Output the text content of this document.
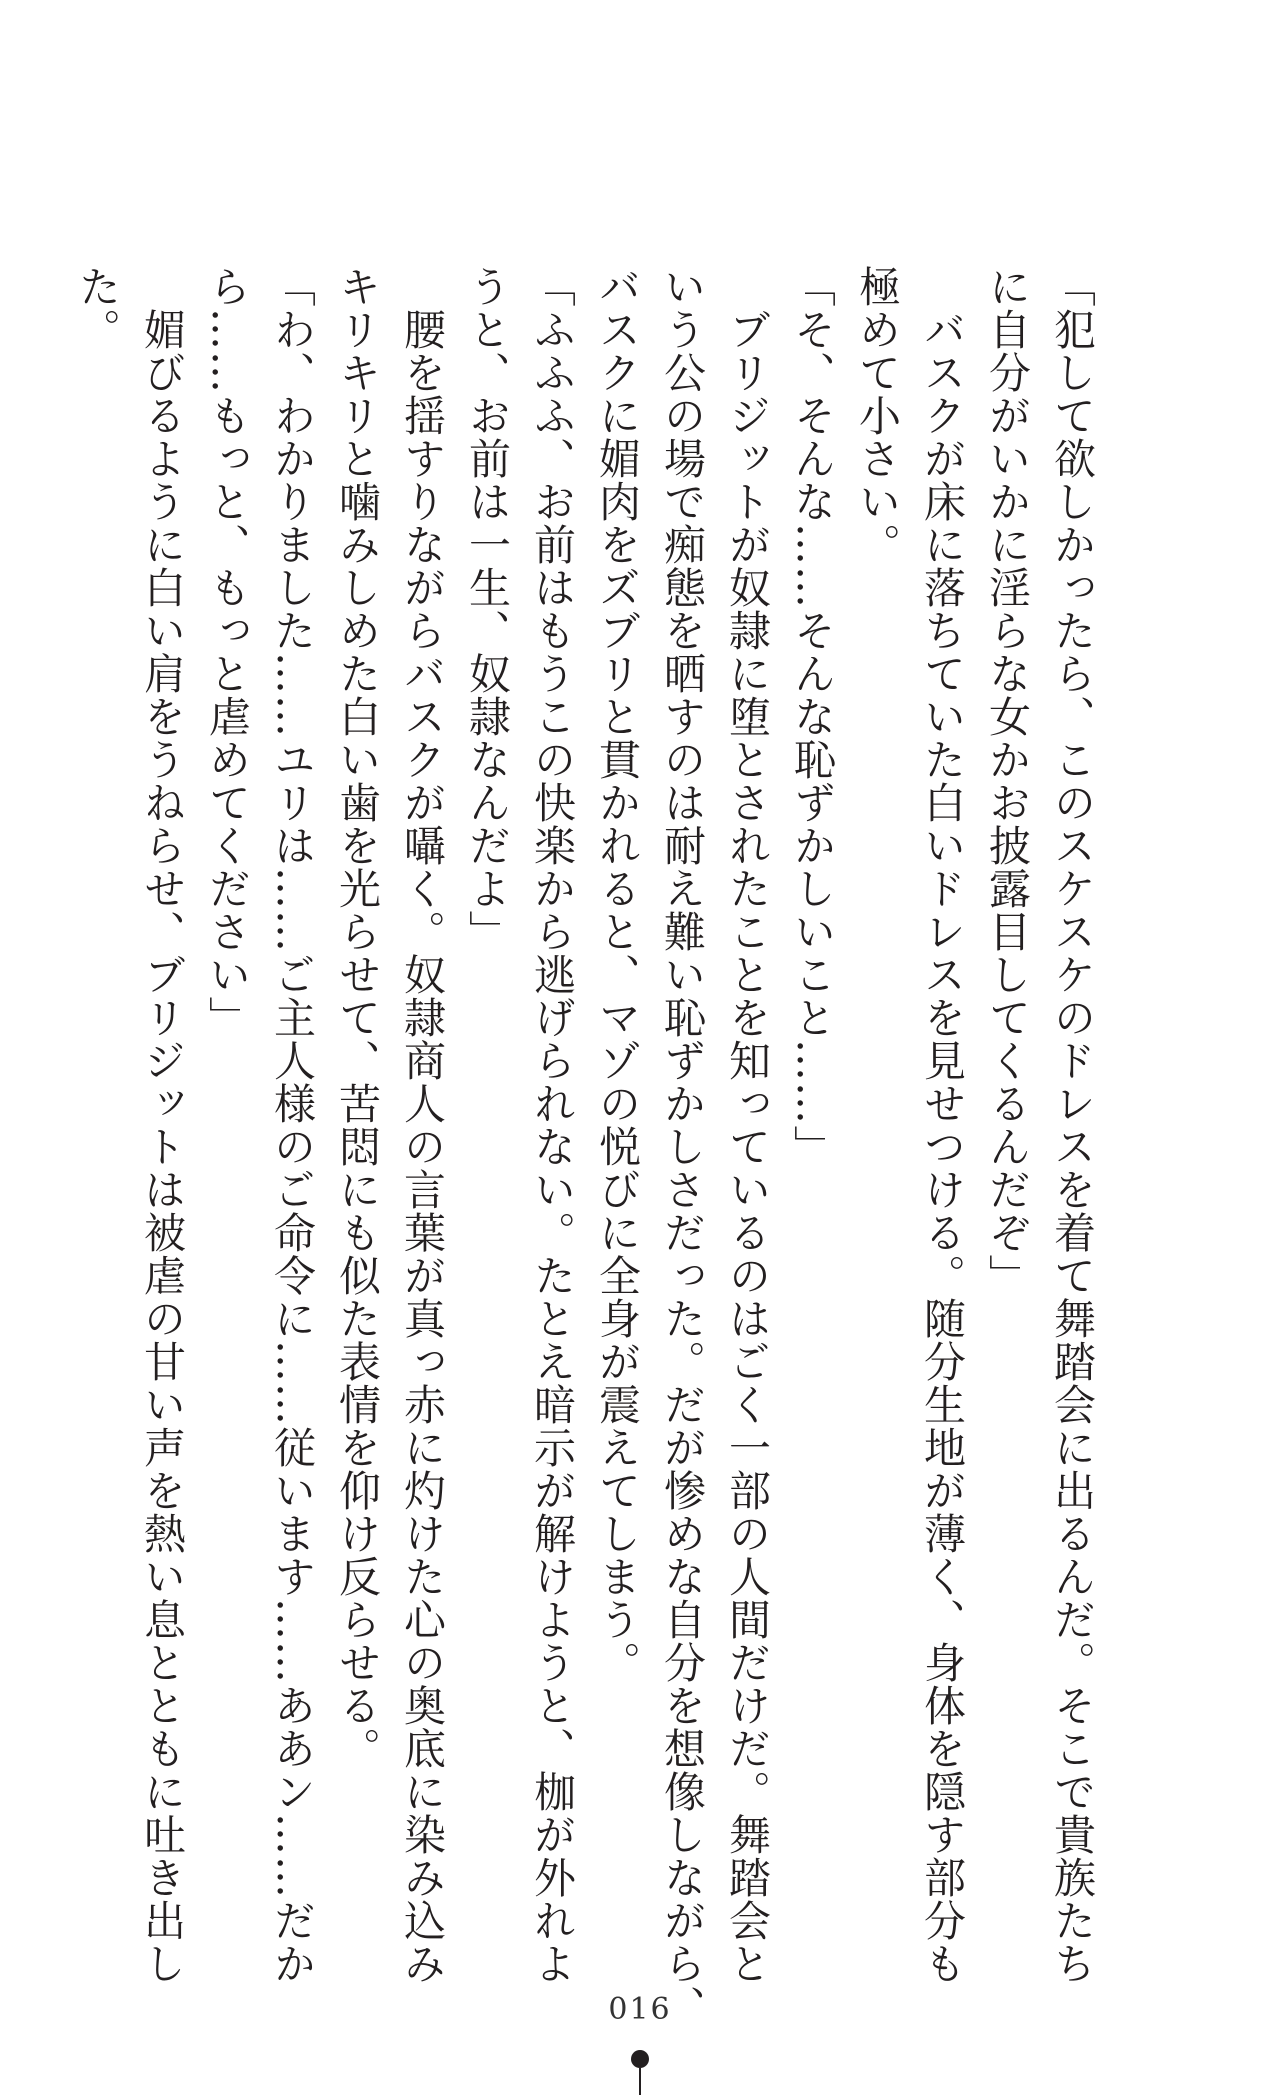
「犯して欲しかったら、このスケスケのドレスを着て舞踏会に出るんだ。そこで貴族たち
に自分がいかに淫らな女かお披露目してくるんだぞ」
　バスクが床に落ちていた白いドレスを見せつける。随分生地が薄く、身体を隠す部分も
極めて小さい。
「そ、そんな……そんな恥ずかしいこと……」
　ブリジットが奴隷に堕とされたことを知っているのはごく一部の人間だけだ。舞踏会と
いう公の場で痴態を晒すのは耐え難い恥ずかしさだった。だが惨めな自分を想像しながら、
バスクに媚肉をズブリと貫かれると、マゾの悦びに全身が震えてしまう。
「ふふふ、お前はもうこの快楽から逃げられない。たとえ暗示が解けようと、枷が外れよ
うと、お前は一生、奴隷なんだよ」
　腰を揺すりながらバスクが囁く。奴隷商人の言葉が真っ赤に灼けた心の奥底に染み込み
キリキリと噛みしめた白い歯を光らせて、苦悶にも似た表情を仰け反らせる。
「わ、わかりました……ユリは……ご主人様のご命令に……従います……ああン……だか
ら……もっと、もっと虐めてください」
　媚びるように白い肩をうねらせ、ブリジットは被虐の甘い声を熱い息とともに吐き出し
た。
016
